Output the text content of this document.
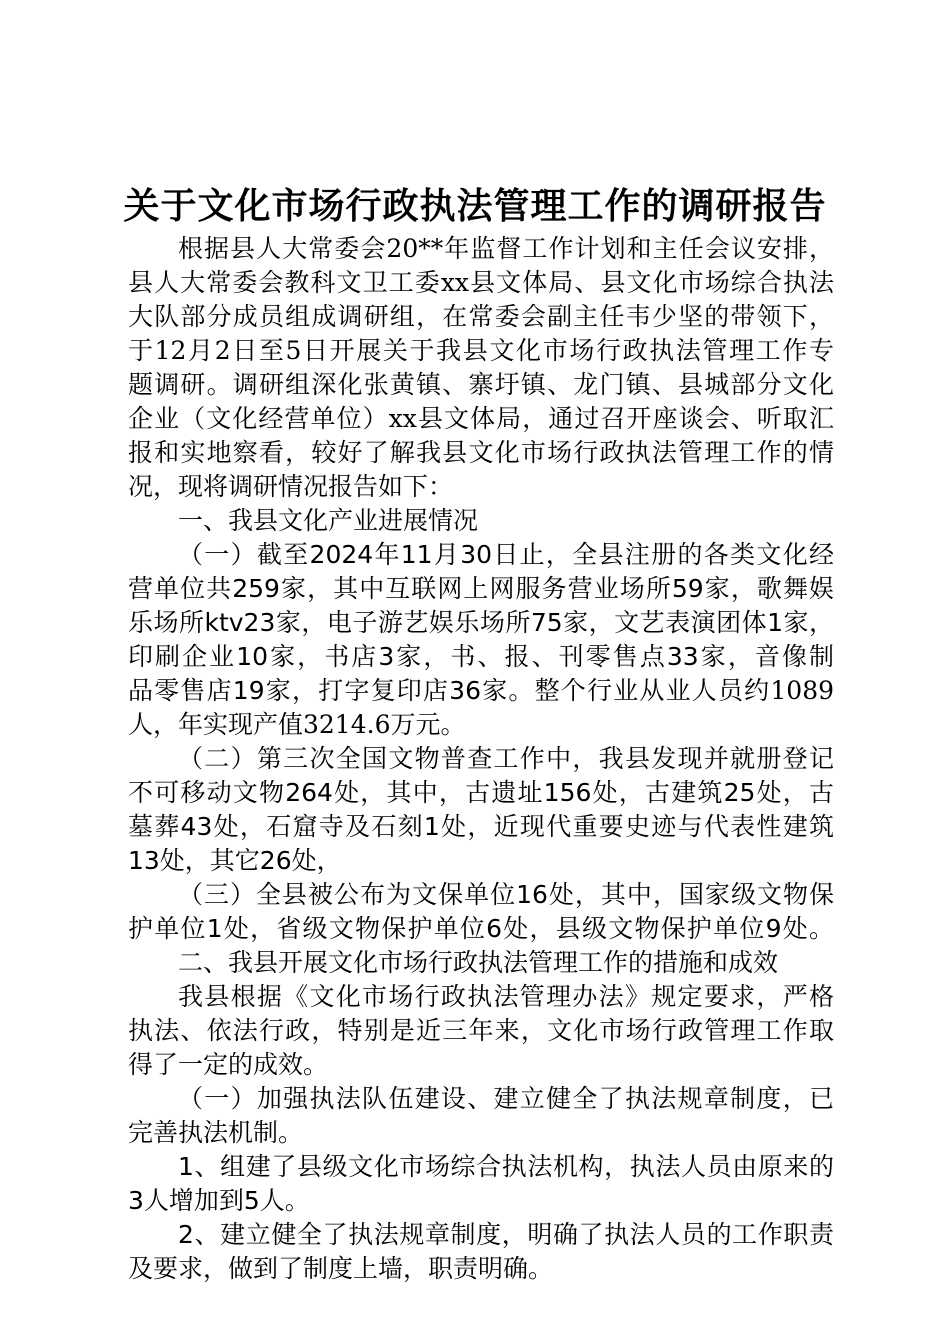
关于文化市场行政执法管理工作的调研报告
根据县人大常委会20**年监督工作计划和主任会议安排，
县人大常委会教科文卫工委xx县文体局、县文化市场综合执法
大队部分成员组成调研组，在常委会副主任韦少坚的带领下，
于12月2日至5日开展关于我县文化市场行政执法管理工作专
题调研。调研组深化张黄镇、寨圩镇、龙门镇、县城部分文化
企业（文化经营单位）xx县文体局，通过召开座谈会、听取汇
报和实地察看，较好了解我县文化市场行政执法管理工作的情
况，现将调研情况报告如下：
一、我县文化产业进展情况
（一）截至2024年11月30日止，全县注册的各类文化经
营单位共259家，其中互联网上网服务营业场所59家，歌舞娱
乐场所ktv23家，电子游艺娱乐场所75家，文艺表演团体1家，
印刷企业10家，书店3家，书、报、刊零售点33家，音像制
品零售店19家，打字复印店36家。整个行业从业人员约1089
人，年实现产值3214.6万元。
（二）第三次全国文物普查工作中，我县发现并就册登记
不可移动文物264处，其中，古遗址156处，古建筑25处，古
墓葬43处，石窟寺及石刻1处，近现代重要史迹与代表性建筑
13处，其它26处，
（三）全县被公布为文保单位16处，其中，国家级文物保
护单位1处，省级文物保护单位6处，县级文物保护单位9处。
二、我县开展文化市场行政执法管理工作的措施和成效
我县根据《文化市场行政执法管理办法》规定要求，严格
执法、依法行政，特别是近三年来，文化市场行政管理工作取
得了一定的成效。
（一）加强执法队伍建设、建立健全了执法规章制度，已
完善执法机制。
1、组建了县级文化市场综合执法机构，执法人员由原来的
3人增加到5人。
2、建立健全了执法规章制度，明确了执法人员的工作职责
及要求，做到了制度上墙，职责明确。
